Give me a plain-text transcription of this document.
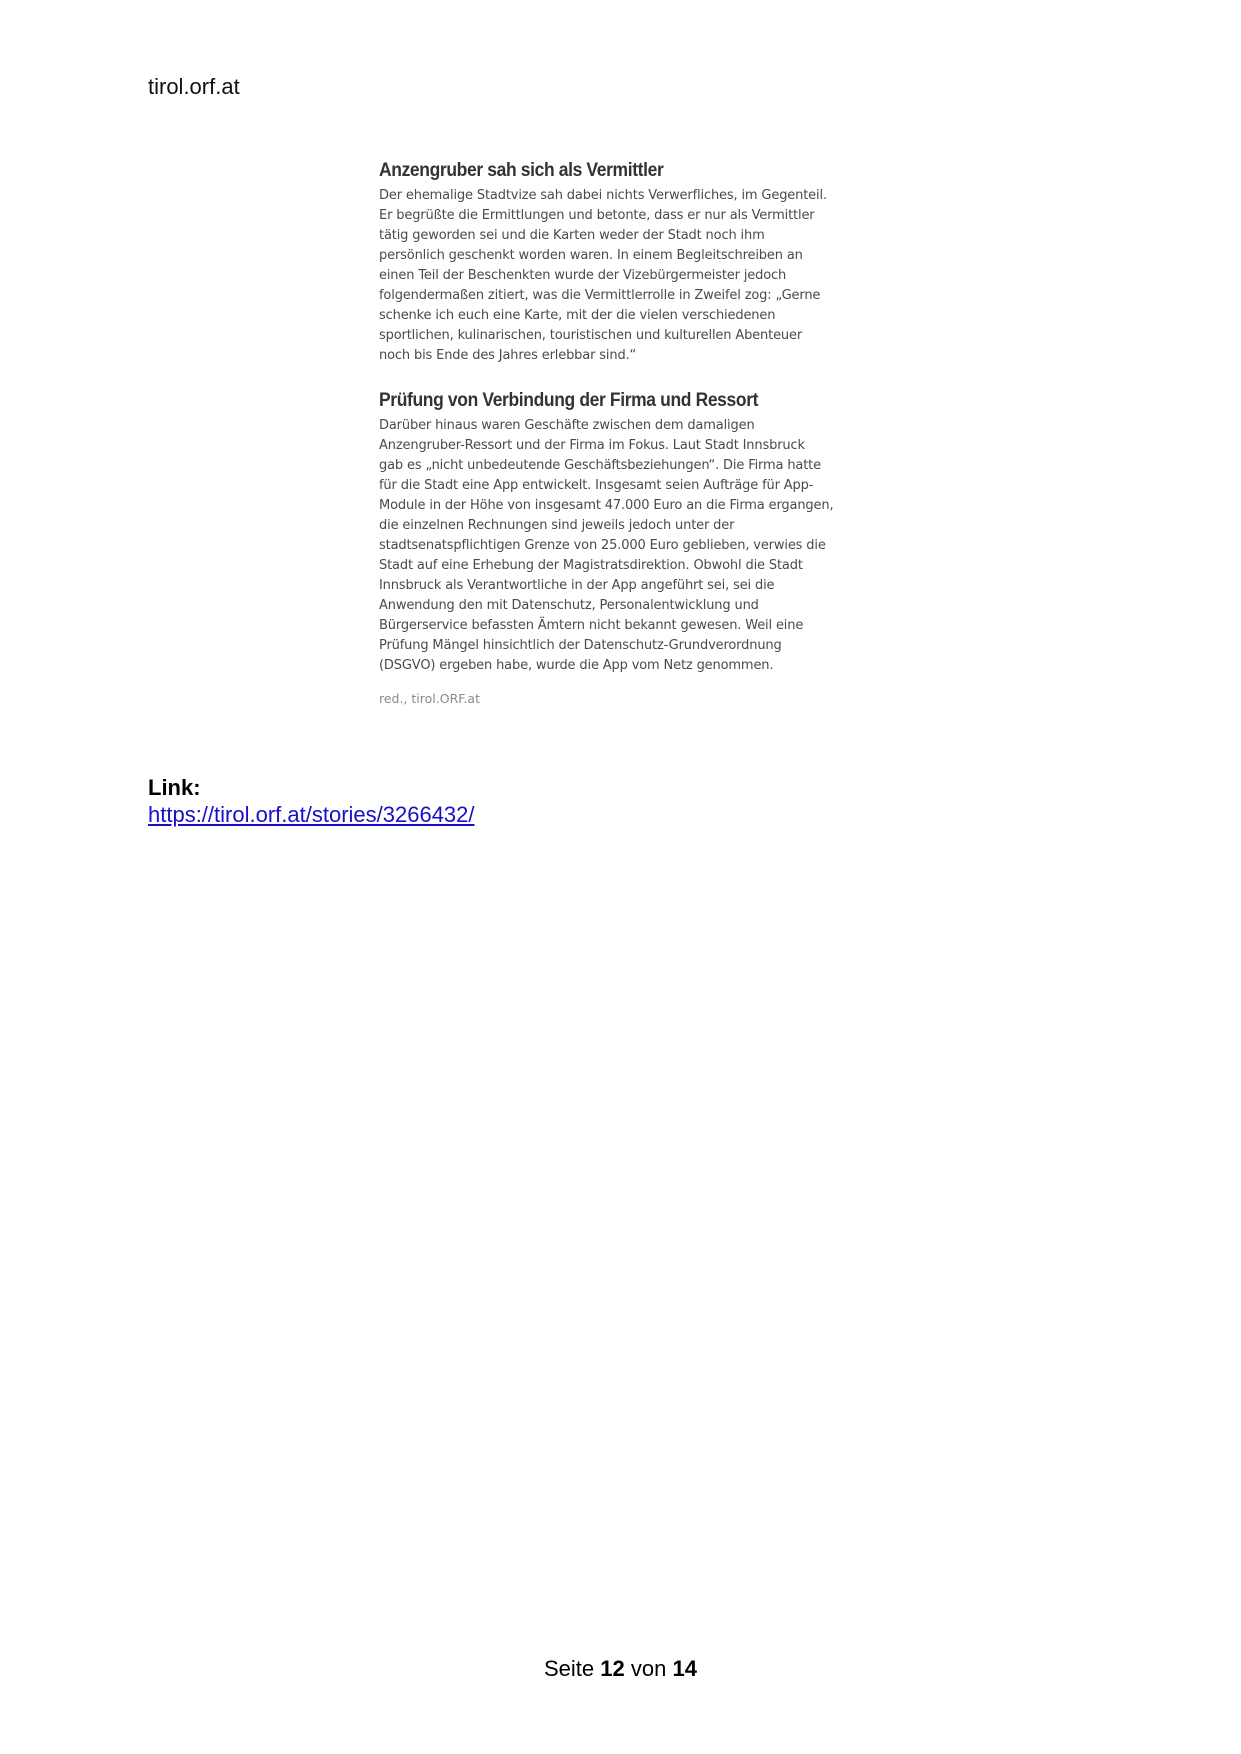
tirol.orf.at
Anzengruber sah sich als Vermittler
Der ehemalige Stadtvize sah dabei nichts Verwerfliches, im Gegenteil.
Er begrüßte die Ermittlungen und betonte, dass er nur als Vermittler
tätig geworden sei und die Karten weder der Stadt noch ihm
persönlich geschenkt worden waren. In einem Begleitschreiben an
einen Teil der Beschenkten wurde der Vizebürgermeister jedoch
folgendermaßen zitiert, was die Vermittlerrolle in Zweifel zog: „Gerne
schenke ich euch eine Karte, mit der die vielen verschiedenen
sportlichen, kulinarischen, touristischen und kulturellen Abenteuer
noch bis Ende des Jahres erlebbar sind.“
Prüfung von Verbindung der Firma und Ressort
Darüber hinaus waren Geschäfte zwischen dem damaligen
Anzengruber-Ressort und der Firma im Fokus. Laut Stadt Innsbruck
gab es „nicht unbedeutende Geschäftsbeziehungen“. Die Firma hatte
für die Stadt eine App entwickelt. Insgesamt seien Aufträge für App-
Module in der Höhe von insgesamt 47.000 Euro an die Firma ergangen,
die einzelnen Rechnungen sind jeweils jedoch unter der
stadtsenatspflichtigen Grenze von 25.000 Euro geblieben, verwies die
Stadt auf eine Erhebung der Magistratsdirektion. Obwohl die Stadt
Innsbruck als Verantwortliche in der App angeführt sei, sei die
Anwendung den mit Datenschutz, Personalentwicklung und
Bürgerservice befassten Ämtern nicht bekannt gewesen. Weil eine
Prüfung Mängel hinsichtlich der Datenschutz-Grundverordnung
(DSGVO) ergeben habe, wurde die App vom Netz genommen.
red., tirol.ORF.at
Link:
https://tirol.orf.at/stories/3266432/
Seite 12 von 14
